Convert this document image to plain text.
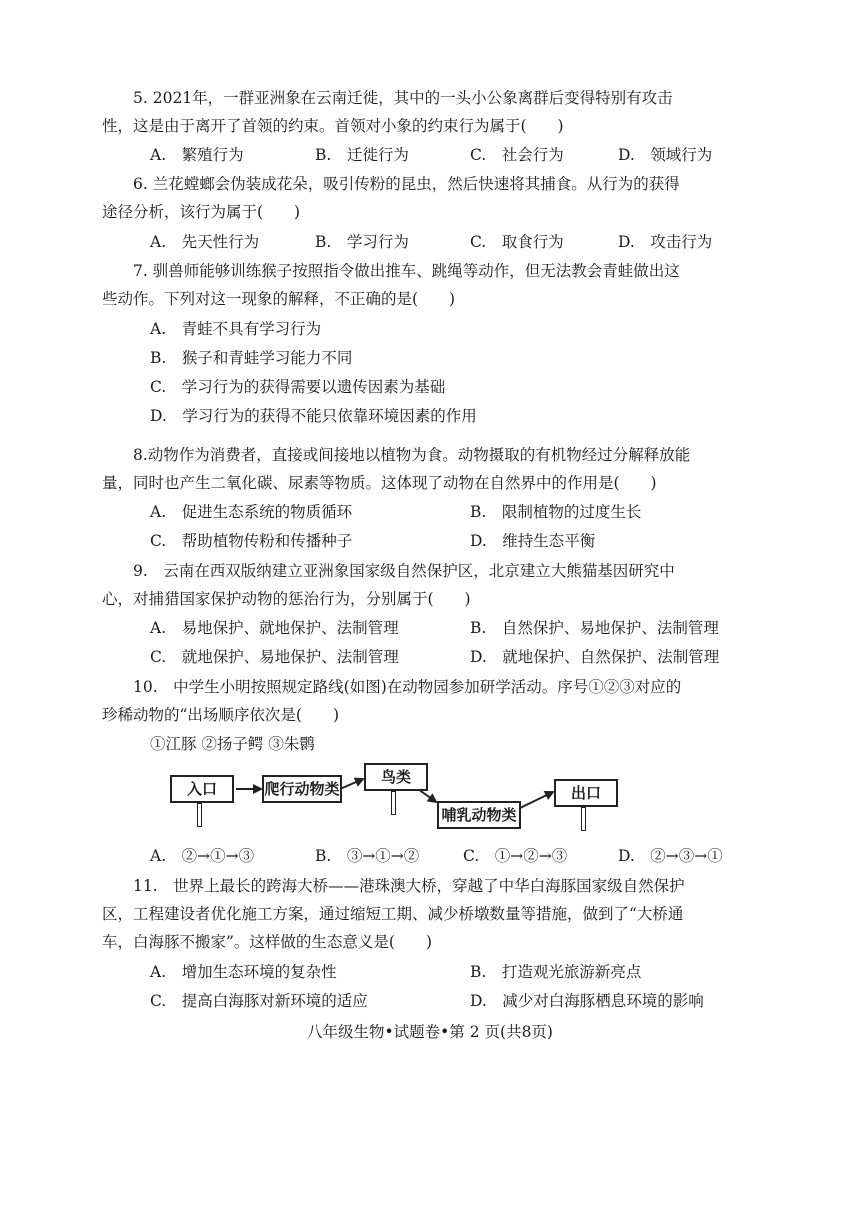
5. 2021年，一群亚洲象在云南迁徙，其中的一头小公象离群后变得特别有攻击
性，这是由于离开了首领的约束。首领对小象的约束行为属于(　　)
A.　繁殖行为	B.　迁徙行为	C.　社会行为	D.　领域行为
6. 兰花螳螂会伪装成花朵，吸引传粉的昆虫，然后快速将其捕食。从行为的获得
途径分析，该行为属于(　　)
A.　先天性行为	B.　学习行为	C.　取食行为	D.　攻击行为
7. 驯兽师能够训练猴子按照指令做出推车、跳绳等动作，但无法教会青蛙做出这
些动作。下列对这一现象的解释，不正确的是(　　)
A.　青蛙不具有学习行为
B.　猴子和青蛙学习能力不同
C.　学习行为的获得需要以遗传因素为基础
D.　学习行为的获得不能只依靠环境因素的作用
8.动物作为消费者，直接或间接地以植物为食。动物摄取的有机物经过分解释放能
量，同时也产生二氧化碳、尿素等物质。这体现了动物在自然界中的作用是(　　)
A.　促进生态系统的物质循环	B.　限制植物的过度生长
C.　帮助植物传粉和传播种子	D.　维持生态平衡
9.　云南在西双版纳建立亚洲象国家级自然保护区，北京建立大熊猫基因研究中
心，对捕猎国家保护动物的惩治行为，分别属于(　　)
A.　易地保护、就地保护、法制管理	B.　自然保护、易地保护、法制管理
C.　就地保护、易地保护、法制管理	D.　就地保护、自然保护、法制管理
10.　中学生小明按照规定路线(如图)在动物园参加研学活动。序号①②③对应的
珍稀动物的“出场顺序依次是(　　)
①江豚 ②扬子鳄 ③朱鹮
入口	爬行动物类
鸟类
哺乳动物类
出口
A.　②→①→③	B.　③→①→②	C.　①→②→③	D.　②→③→①
11.　世界上最长的跨海大桥——港珠澳大桥，穿越了中华白海豚国家级自然保护
区，工程建设者优化施工方案，通过缩短工期、减少桥墩数量等措施，做到了“大桥通
车，白海豚不搬家”。这样做的生态意义是(　　)
A.　增加生态环境的复杂性	B.　打造观光旅游新亮点
C.　提高白海豚对新环境的适应	D.　减少对白海豚栖息环境的影响
八年级生物•试题卷•第 2 页(共8页)
